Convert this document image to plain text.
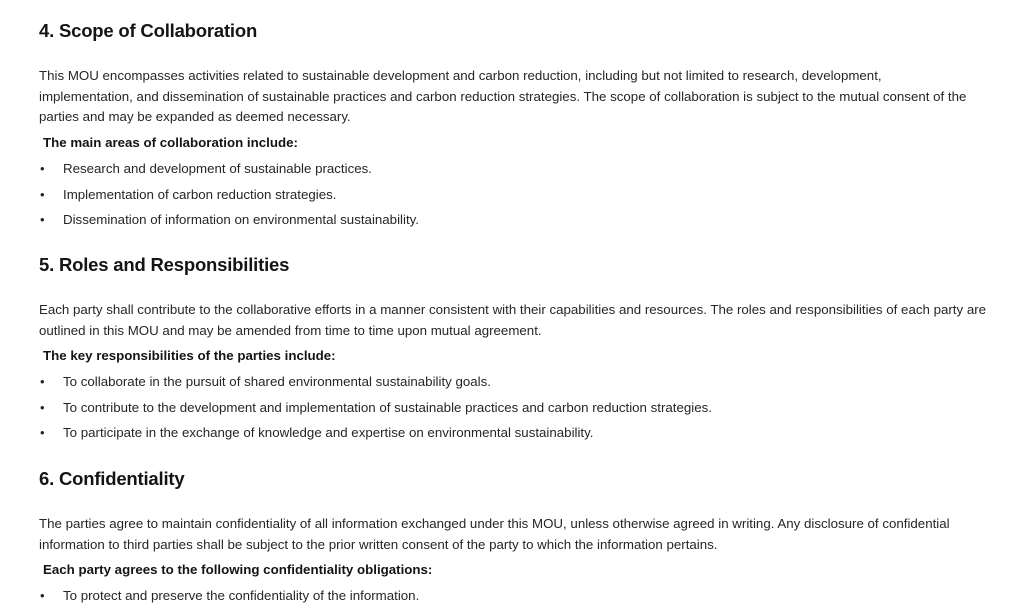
4. Scope of Collaboration

This MOU encompasses activities related to sustainable development and carbon reduction, including but not limited to research, development, implementation, and dissemination of sustainable practices and carbon reduction strategies. The scope of collaboration is subject to the mutual consent of the parties and may be expanded as deemed necessary.

The main areas of collaboration include:

• Research and development of sustainable practices.
• Implementation of carbon reduction strategies.
• Dissemination of information on environmental sustainability.
5. Roles and Responsibilities

Each party shall contribute to the collaborative efforts in a manner consistent with their capabilities and resources. The roles and responsibilities of each party are outlined in this MOU and may be amended from time to time upon mutual agreement.

The key responsibilities of the parties include:

• To collaborate in the pursuit of shared environmental sustainability goals.
• To contribute to the development and implementation of sustainable practices and carbon reduction strategies.
• To participate in the exchange of knowledge and expertise on environmental sustainability.
6. Confidentiality

The parties agree to maintain confidentiality of all information exchanged under this MOU, unless otherwise agreed in writing. Any disclosure of confidential information to third parties shall be subject to the prior written consent of the party to which the information pertains.

Each party agrees to the following confidentiality obligations:

• To protect and preserve the confidentiality of the information.
